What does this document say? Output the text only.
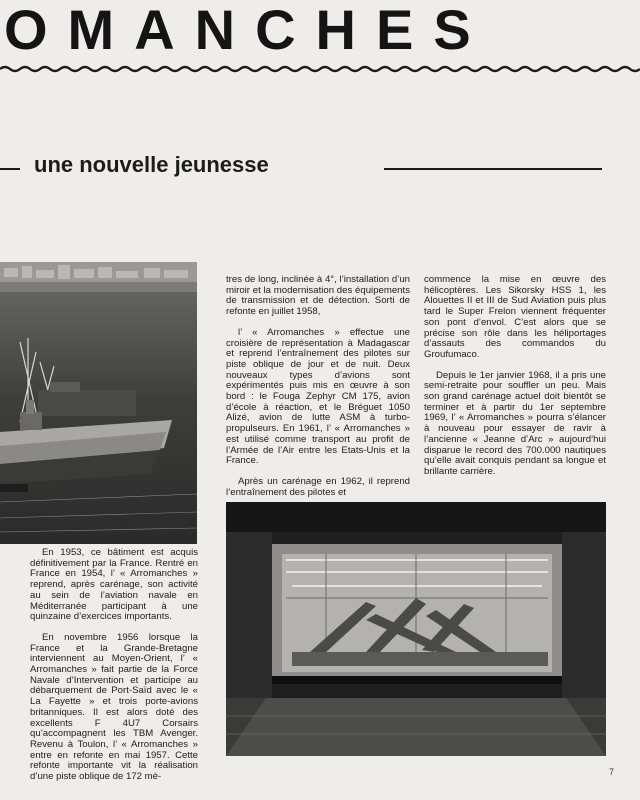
OMANCHES
une nouvelle jeunesse

En 1953, ce bâtiment est acquis définitivement par la France. Rentré en France en 1954, l’ « Arromanches » reprend, après carénage, son activité au sein de l’aviation navale en Méditerranée participant à une quinzaine d’exercices importants.

En novembre 1956 lorsque la France et la Grande-Bretagne interviennent au Moyen-Orient, l’ « Arromanches » fait partie de la Force Navale d’Intervention et participe au débarquement de Port-Saïd avec le « La Fayette » et trois porte-avions britanniques. Il est alors doté des excellents F 4U7 Corsairs qu’accompagnent les TBM Avenger. Revenu à Toulon, l’ « Arromanches » entre en refonte en mai 1957. Cette refonte importante vit la réalisation d’une piste oblique de 172 mè-

tres de long, inclinée à 4°, l’installation d’un miroir et la modernisation des équipements de transmission et de détection. Sorti de refonte en juillet 1958,

l’ « Arromanches » effectue une croisière de représentation à Madagascar et reprend l’entraînement des pilotes sur piste oblique de jour et de nuit. Deux nouveaux types d’avions sont expérimentés puis mis en œuvre à son bord : le Fouga Zephyr CM 175, avion d’école à réaction, et le Bréguet 1050 Alizé, avion de lutte ASM à turbo-propulseurs. En 1961, l’ « Arromanches » est utilisé comme transport au profit de l’Armée de l’Air entre les Etats-Unis et la France.

Après un carénage en 1962, il reprend l’entraînement des pilotes et

commence la mise en œuvre des hélicoptères. Les Sikorsky HSS 1, les Alouettes II et III de Sud Aviation puis plus tard le Super Frelon viennent fréquenter son pont d’envol. C’est alors que se précise son rôle dans les héliportages d’assauts des commandos du Groufumaco.

Depuis le 1er janvier 1968, il a pris une semi-retraite pour souffler un peu. Mais son grand carénage actuel doit bientôt se terminer et à partir du 1er septembre 1969, l’ « Arromanches » pourra s’élancer à nouveau pour essayer de ravir à l’ancienne « Jeanne d’Arc » aujourd’hui disparue le record des 700.000 nautiques qu’elle avait conquis pendant sa longue et brillante carrière.

7
